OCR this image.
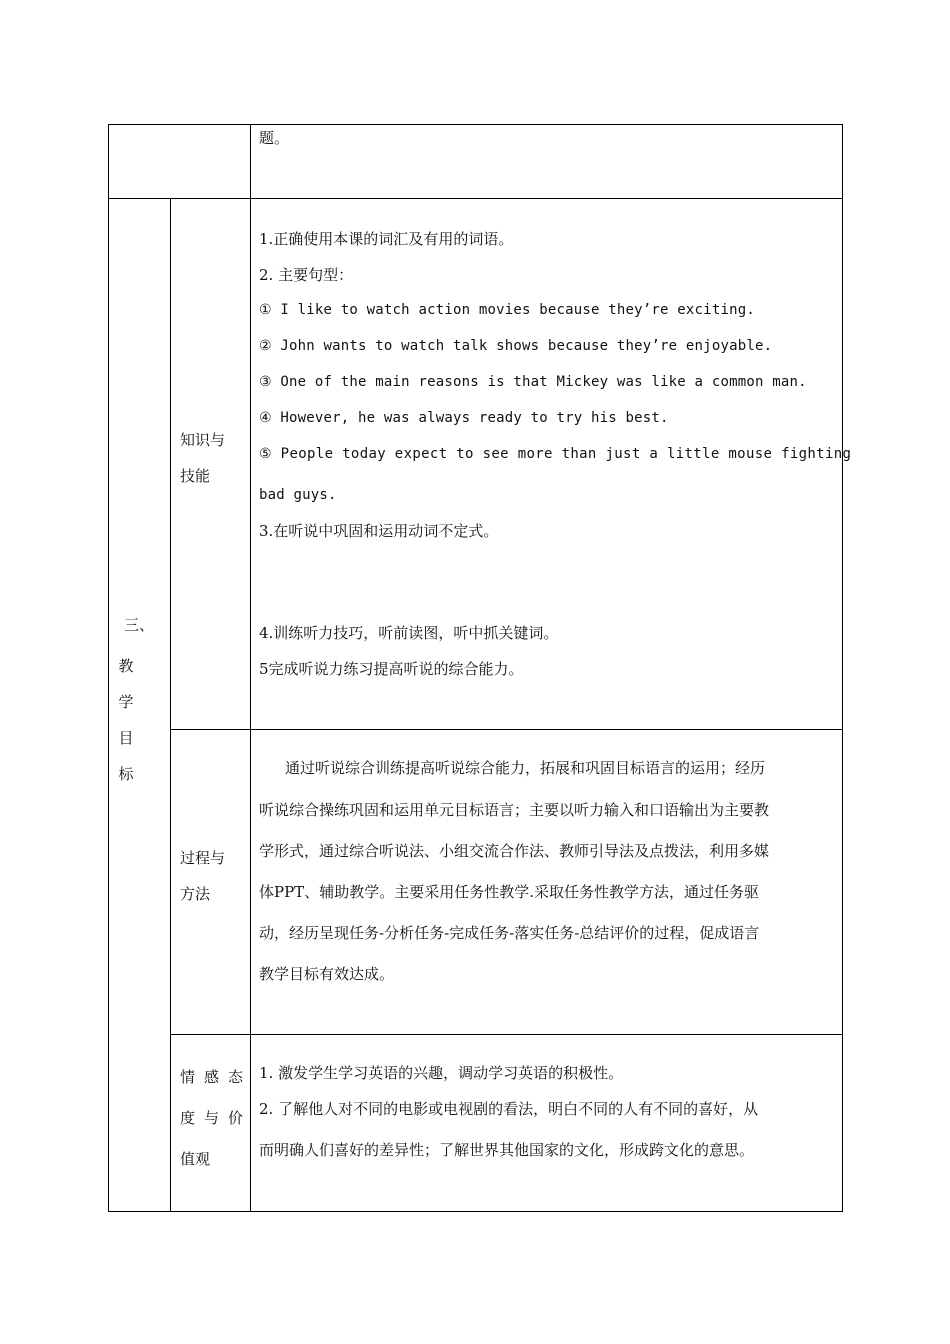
题。
三、
教
学
目
标
知识与
技能
1.正确使用本课的词汇及有用的词语。
2. 主要句型：
① I like to watch action movies because they’re exciting.
② John wants to watch talk shows because they’re enjoyable.
③ One of the main reasons is that Mickey was like a common man.
④ However, he was always ready to try his best.
⑤ People today expect to see more than just a little mouse fighting
bad guys.
3.在听说中巩固和运用动词不定式。
4.训练听力技巧，听前读图，听中抓关键词。
5完成听说力练习提高听说的综合能力。
过程与
方法
通过听说综合训练提高听说综合能力，拓展和巩固目标语言的运用；经历
听说综合操练巩固和运用单元目标语言；主要以听力输入和口语输出为主要教
学形式，通过综合听说法、小组交流合作法、教师引导法及点拨法，利用多媒
体PPT、辅助教学。主要采用任务性教学.采取任务性教学方法，通过任务驱
动，经历呈现任务-分析任务-完成任务-落实任务-总结评价的过程，促成语言
教学目标有效达成。
情感态
度与价
值观
1. 激发学生学习英语的兴趣，调动学习英语的积极性。
2. 了解他人对不同的电影或电视剧的看法，明白不同的人有不同的喜好，从
而明确人们喜好的差异性；了解世界其他国家的文化，形成跨文化的意思。
